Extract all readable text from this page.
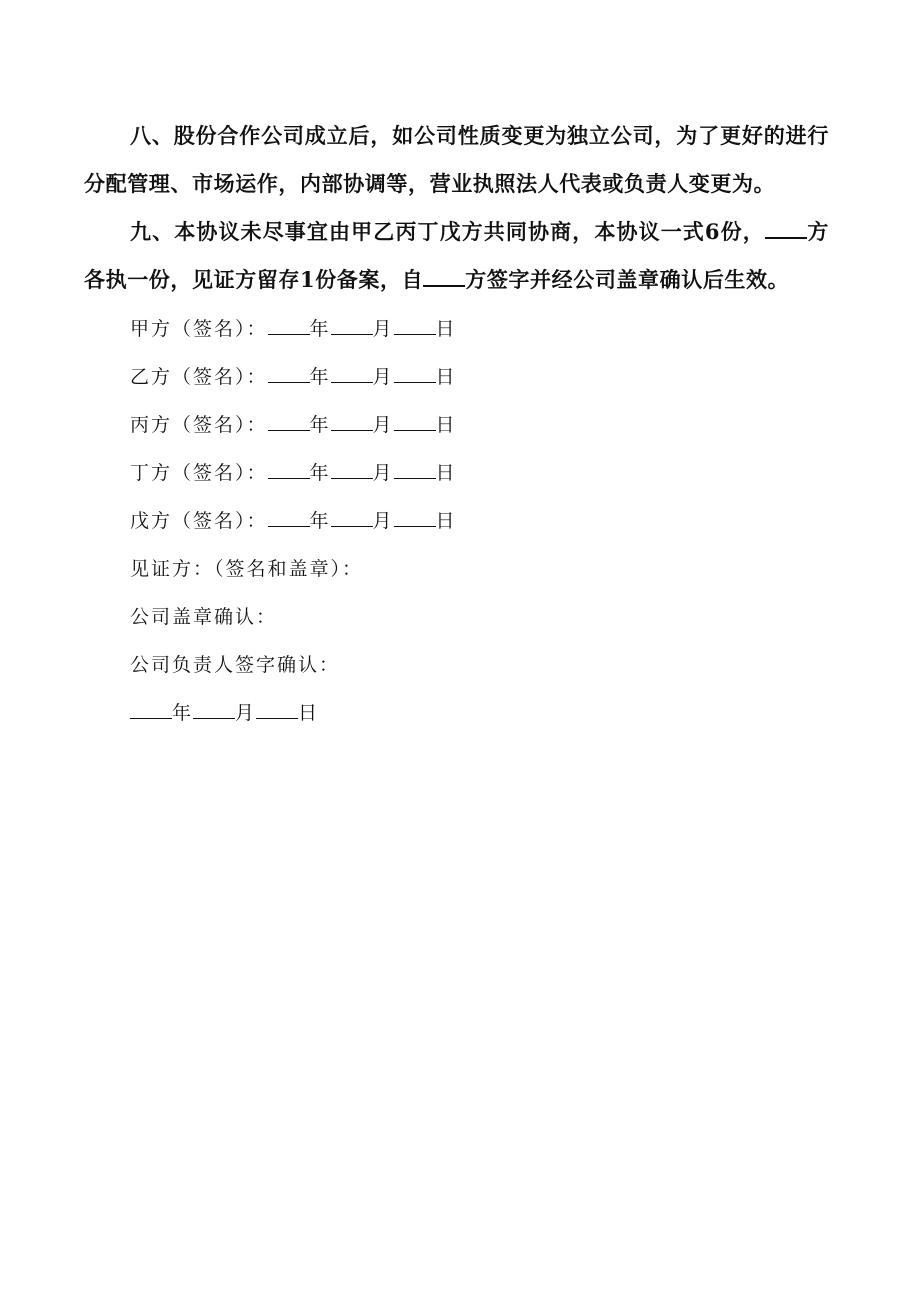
八、股份合作公司成立后，如公司性质变更为独立公司，为了更好的进行分配管理、市场运作，内部协调等，营业执照法人代表或负责人变更为。

九、本协议未尽事宜由甲乙丙丁戊方共同协商，本协议一式6份， 方各执一份，见证方留存1份备案，自 方签字并经公司盖章确认后生效。

甲方（签名）： 年 月 日

乙方（签名）： 年 月 日

丙方（签名）： 年 月 日

丁方（签名）： 年 月 日

戊方（签名）： 年 月 日

见证方：（签名和盖章）：

公司盖章确认：

公司负责人签字确认：

年 月 日
